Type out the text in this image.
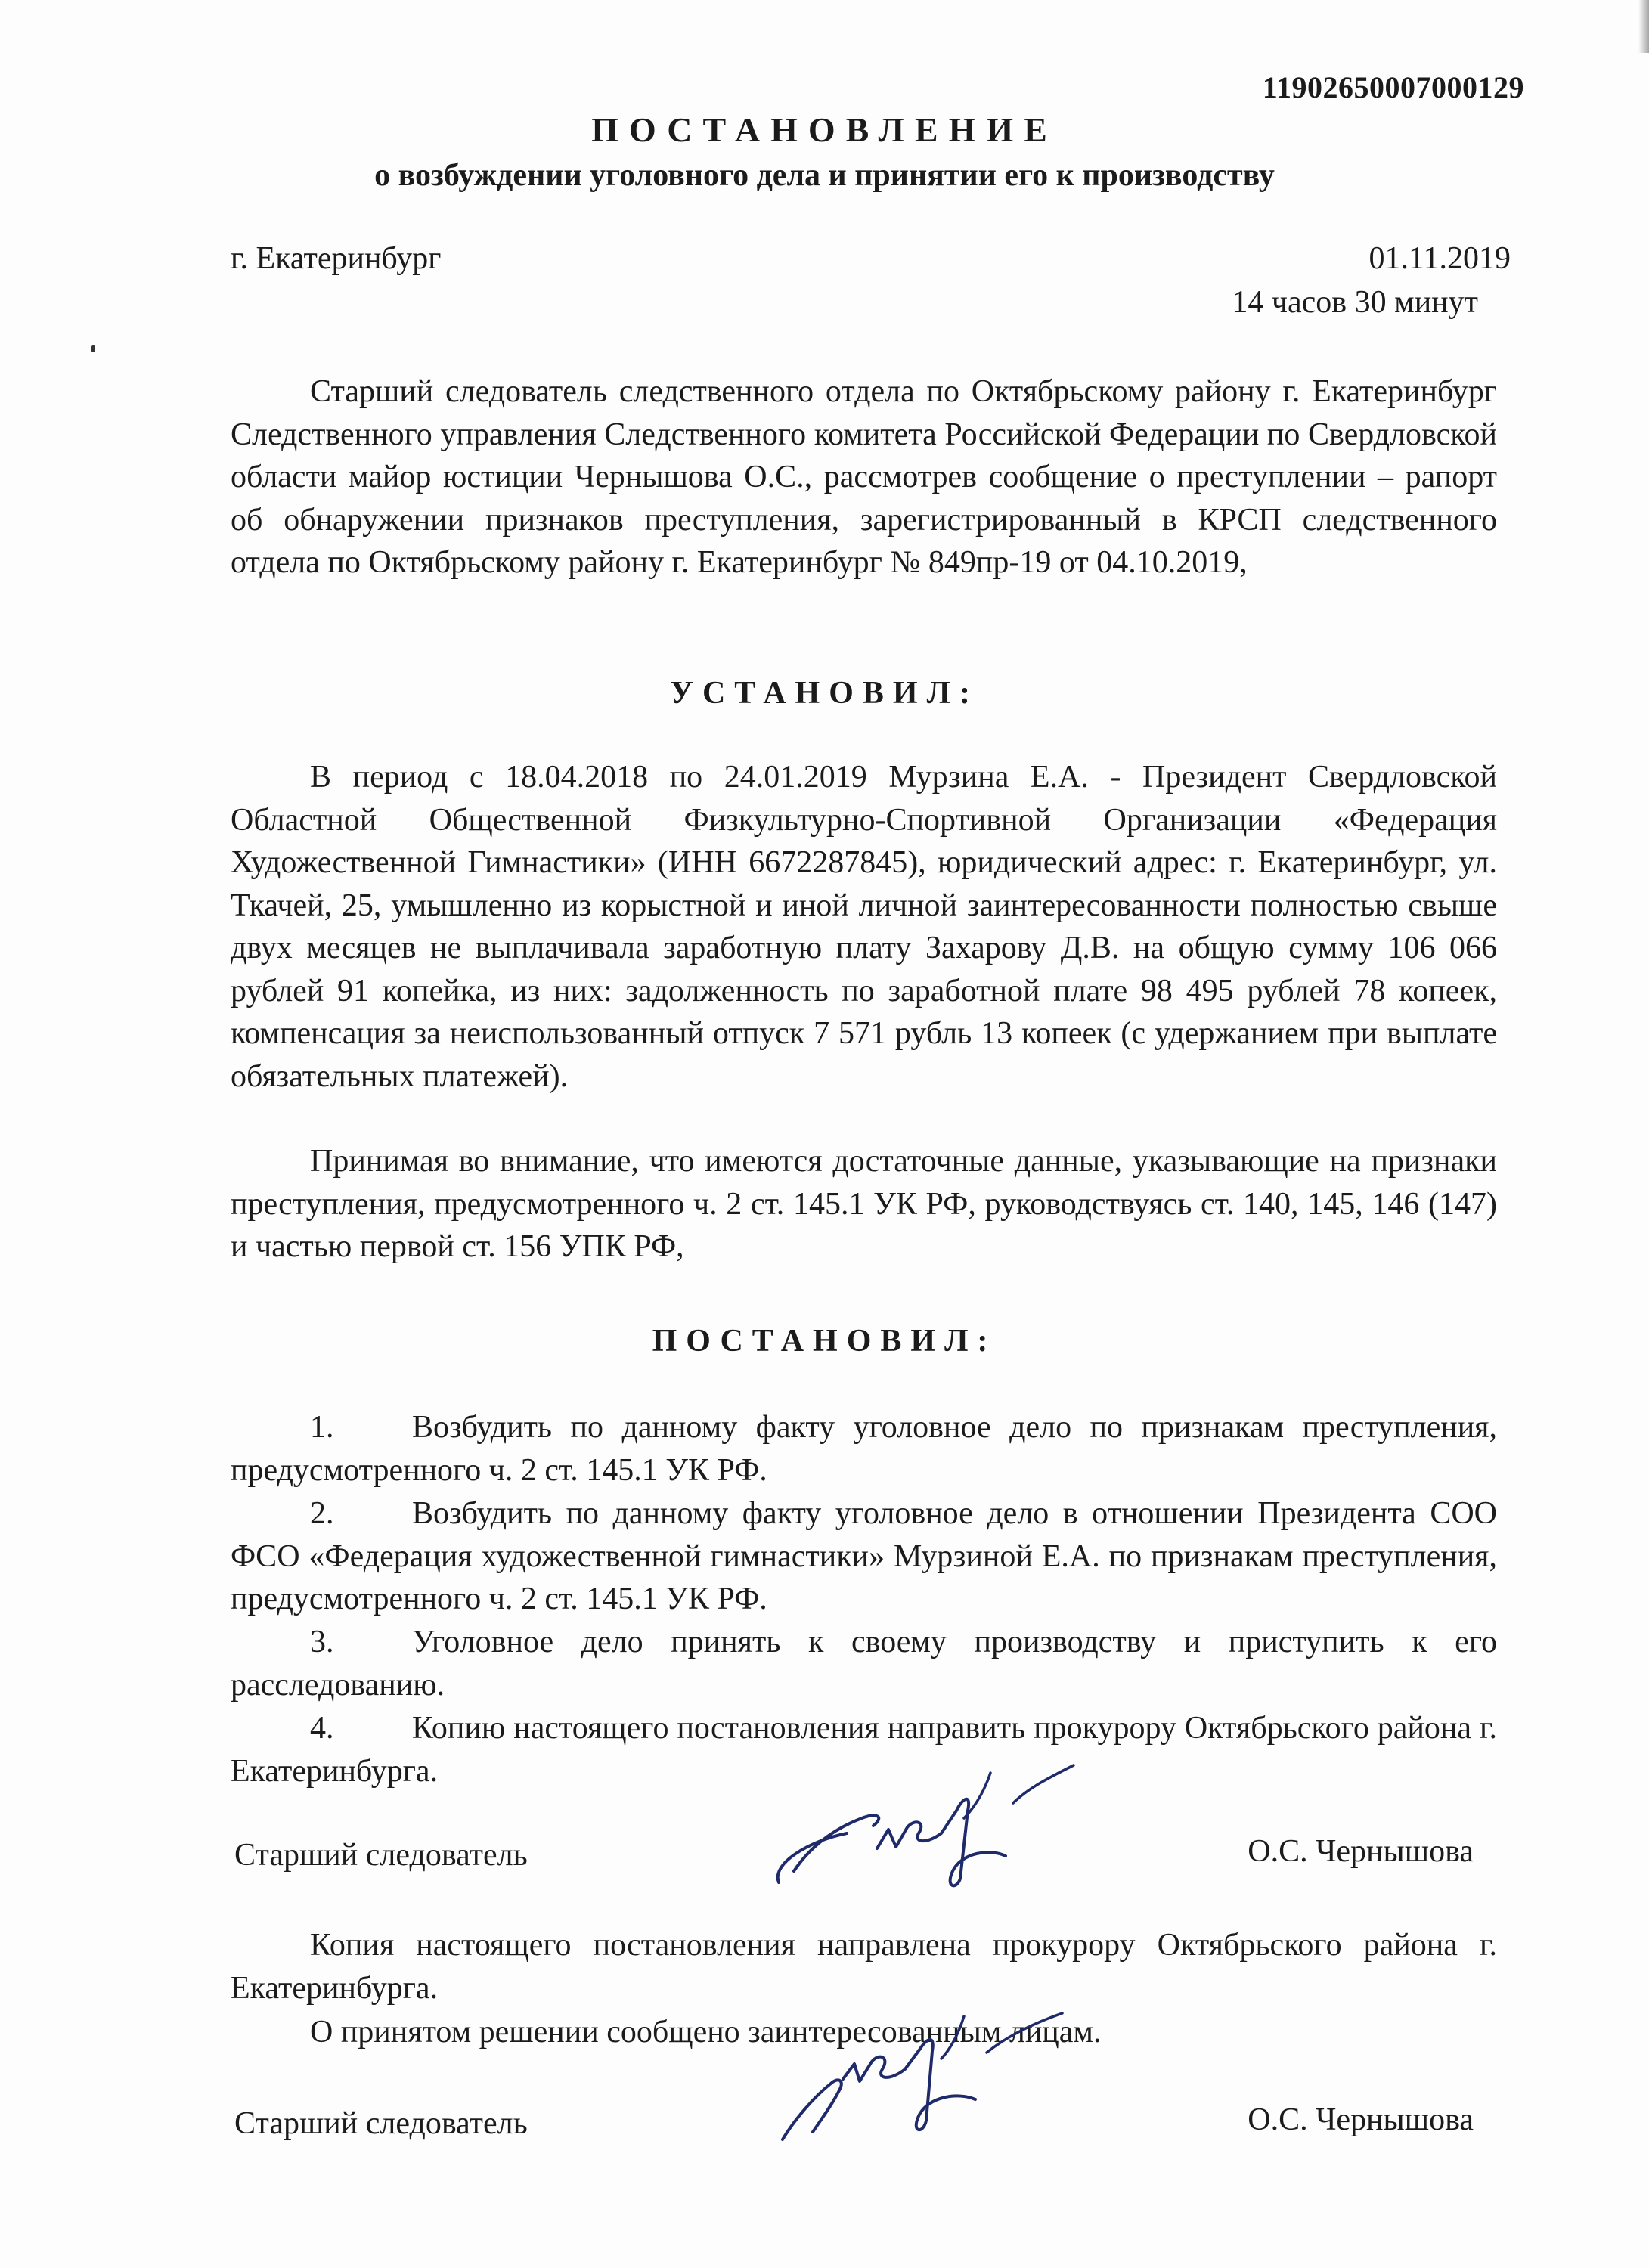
11902650007000129
ПОСТАНОВЛЕНИЕ
о возбуждении уголовного дела и принятии его к производству
г. Екатеринбург	01.11.2019
14 часов 30 минут
Старший следователь следственного отдела по Октябрьскому району г. Екатеринбург Следственного управления Следственного комитета Российской Федерации по Свердловской области майор юстиции Чернышова О.С., рассмотрев сообщение о преступлении – рапорт об обнаружении признаков преступления, зарегистрированный в КРСП следственного отдела по Октябрьскому району г. Екатеринбург № 849пр-19 от 04.10.2019,
УСТАНОВИЛ:
В период с 18.04.2018 по 24.01.2019 Мурзина Е.А. - Президент Свердловской Областной Общественной Физкультурно-Спортивной Организации «Федерация Художественной Гимнастики» (ИНН 6672287845), юридический адрес: г. Екатеринбург, ул. Ткачей, 25, умышленно из корыстной и иной личной заинтересованности полностью свыше двух месяцев не выплачивала заработную плату Захарову Д.В. на общую сумму 106 066 рублей 91 копейка, из них: задолженность по заработной плате 98 495 рублей 78 копеек, компенсация за неиспользованный отпуск 7 571 рубль 13 копеек (с удержанием при выплате обязательных платежей).
Принимая во внимание, что имеются достаточные данные, указывающие на признаки преступления, предусмотренного ч. 2 ст. 145.1 УК РФ, руководствуясь ст. 140, 145, 146 (147) и частью первой ст. 156 УПК РФ,
ПОСТАНОВИЛ:
1. Возбудить по данному факту уголовное дело по признакам преступления, предусмотренного ч. 2 ст. 145.1 УК РФ.
2. Возбудить по данному факту уголовное дело в отношении Президента СОО ФСО «Федерация художественной гимнастики» Мурзиной Е.А. по признакам преступления, предусмотренного ч. 2 ст. 145.1 УК РФ.
3. Уголовное дело принять к своему производству и приступить к его расследованию.
4. Копию настоящего постановления направить прокурору Октябрьского района г. Екатеринбурга.
Старший следователь	О.С. Чернышова
Копия настоящего постановления направлена прокурору Октябрьского района г. Екатеринбурга.
О принятом решении сообщено заинтересованным лицам.
Старший следователь	О.С. Чернышова
